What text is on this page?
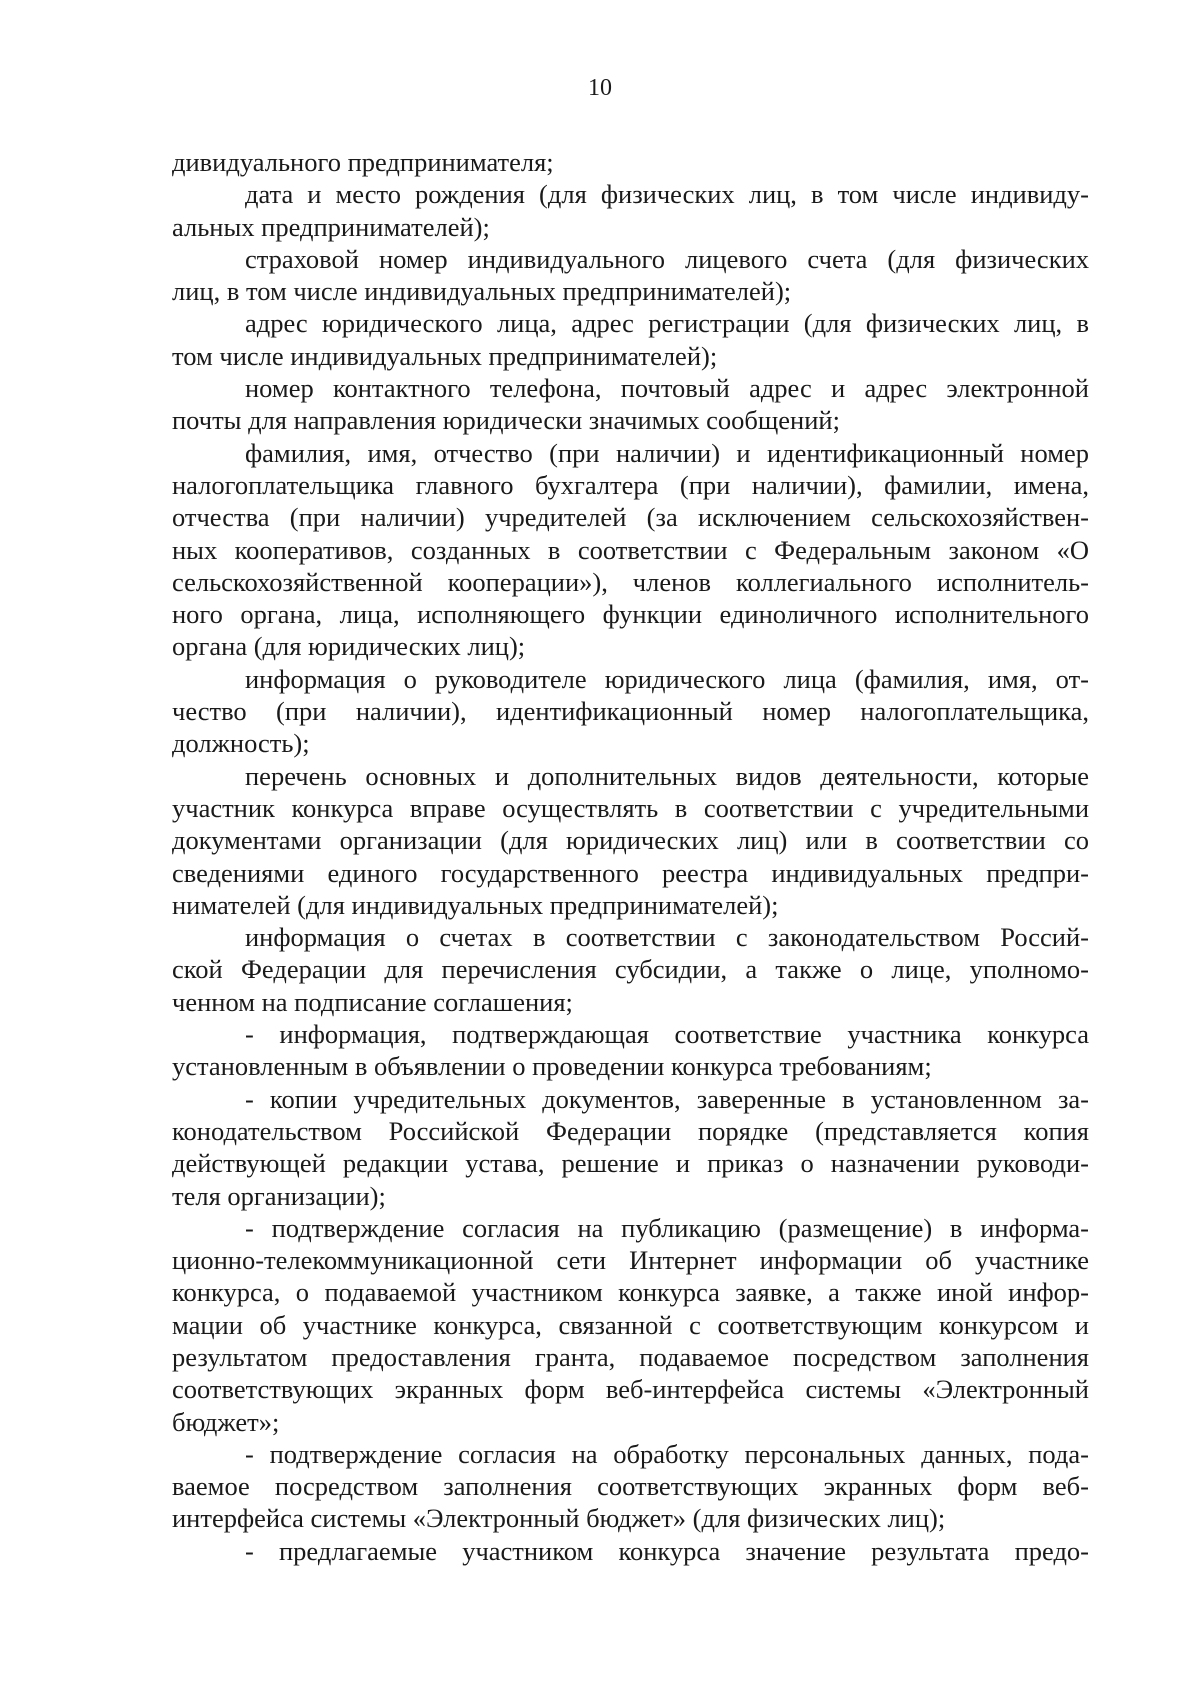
10
дивидуального предпринимателя;
дата и место рождения (для физических лиц, в том числе индивиду-
альных предпринимателей);
страховой номер индивидуального лицевого счета (для физических
лиц, в том числе индивидуальных предпринимателей);
адрес юридического лица, адрес регистрации (для физических лиц, в
том числе индивидуальных предпринимателей);
номер контактного телефона, почтовый адрес и адрес электронной
почты для направления юридически значимых сообщений;
фамилия, имя, отчество (при наличии) и идентификационный номер
налогоплательщика главного бухгалтера (при наличии), фамилии, имена,
отчества (при наличии) учредителей (за исключением сельскохозяйствен-
ных кооперативов, созданных в соответствии с Федеральным законом «О
сельскохозяйственной кооперации»), членов коллегиального исполнитель-
ного органа, лица, исполняющего функции единоличного исполнительного
органа (для юридических лиц);
информация о руководителе юридического лица (фамилия, имя, от-
чество (при наличии), идентификационный номер налогоплательщика,
должность);
перечень основных и дополнительных видов деятельности, которые
участник конкурса вправе осуществлять в соответствии с учредительными
документами организации (для юридических лиц) или в соответствии со
сведениями единого государственного реестра индивидуальных предпри-
нимателей (для индивидуальных предпринимателей);
информация о счетах в соответствии с законодательством Россий-
ской Федерации для перечисления субсидии, а также о лице, уполномо-
ченном на подписание соглашения;
- информация, подтверждающая соответствие участника конкурса
установленным в объявлении о проведении конкурса требованиям;
- копии учредительных документов, заверенные в установленном за-
конодательством Российской Федерации порядке (представляется копия
действующей редакции устава, решение и приказ о назначении руководи-
теля организации);
- подтверждение согласия на публикацию (размещение) в информа-
ционно-телекоммуникационной сети Интернет информации об участнике
конкурса, о подаваемой участником конкурса заявке, а также иной инфор-
мации об участнике конкурса, связанной с соответствующим конкурсом и
результатом предоставления гранта, подаваемое посредством заполнения
соответствующих экранных форм веб-интерфейса системы «Электронный
бюджет»;
- подтверждение согласия на обработку персональных данных, пода-
ваемое посредством заполнения соответствующих экранных форм веб-
интерфейса системы «Электронный бюджет» (для физических лиц);
- предлагаемые участником конкурса значение результата предо-
